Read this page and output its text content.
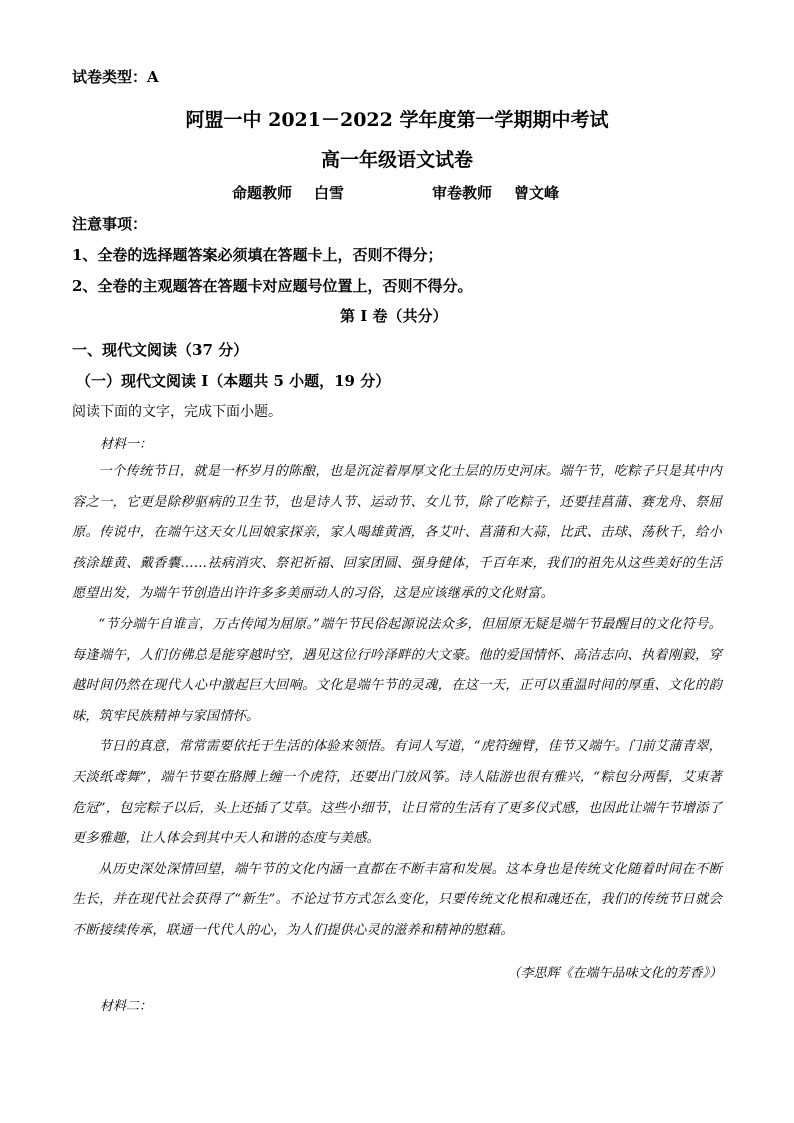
试卷类型：A
阿盟一中 2021－2022 学年度第一学期期中考试
高一年级语文试卷
命题教师 白雪	审卷教师 曾文峰
注意事项：
1、全卷的选择题答案必须填在答题卡上，否则不得分；
2、全卷的主观题答在答题卡对应题号位置上，否则不得分。
第 I 卷（共分）
一、现代文阅读（37 分）
（一）现代文阅读 I（本题共 5 小题，19 分）
阅读下面的文字，完成下面小题。
材料一：

一个传统节日，就是一杯岁月的陈酿，也是沉淀着厚厚文化土层的历史河床。端午节，吃粽子只是其中内容之一，它更是除秽驱病的卫生节，也是诗人节、运动节、女儿节，除了吃粽子，还要挂菖蒲、赛龙舟、祭屈原。传说中，在端午这天女儿回娘家探亲，家人喝雄黄酒，各艾叶、菖蒲和大蒜，比武、击球、荡秋千，给小孩涂雄黄、戴香囊……祛病消灾、祭祀祈福、回家团圆、强身健体，千百年来，我们的祖先从这些美好的生活愿望出发，为端午节创造出许许多多美丽动人的习俗，这是应该继承的文化财富。

“节分端午自谁言，万古传闻为屈原。”端午节民俗起源说法众多，但屈原无疑是端午节最醒目的文化符号。每逢端午，人们仿佛总是能穿越时空，遇见这位行吟泽畔的大文豪。他的爱国情怀、高洁志向、执着刚毅，穿越时间仍然在现代人心中激起巨大回响。文化是端午节的灵魂，在这一天，正可以重温时间的厚重、文化的韵味，筑牢民族精神与家国情怀。

节日的真意，常常需要依托于生活的体验来领悟。有词人写道，“虎符缠臂，佳节又端午。门前艾蒲青翠，天淡纸鸢舞”，端午节要在胳膊上缠一个虎符，还要出门放风筝。诗人陆游也很有雅兴，“粽包分两髻，艾束著危冠”，包完粽子以后，头上还插了艾草。这些小细节，让日常的生活有了更多仪式感，也因此让端午节增添了更多雅趣，让人体会到其中天人和谐的态度与美感。

从历史深处深情回望，端午节的文化内涵一直都在不断丰富和发展。这本身也是传统文化随着时间在不断生长，并在现代社会获得了“新生”。不论过节方式怎么变化，只要传统文化根和魂还在，我们的传统节日就会不断接续传承，联通一代代人的心，为人们提供心灵的滋养和精神的慰藉。

（李思辉《在端午品味文化的芳香》）
材料二：
